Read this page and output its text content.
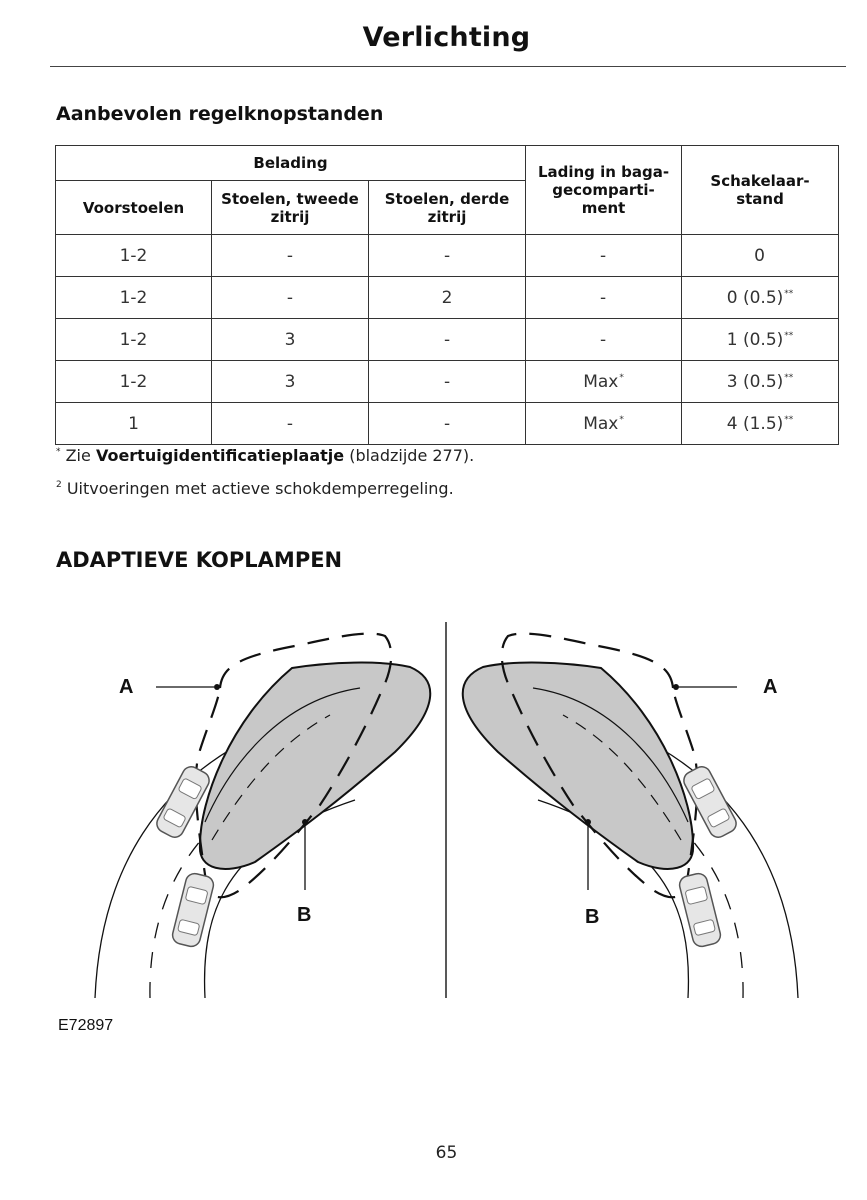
Verlichting
Aanbevolen regelknopstanden
Belading			Lading in baga-gecomparti-ment	Schakelaar-stand
Voorstoelen	Stoelen, tweede zitrij	Stoelen, derde zitrij		
1-2	-	-	-	0
1-2	-	2	-	0 (0.5)**
1-2	3	-	-	1 (0.5)**
1-2	3	-	Max*	3 (0.5)**
1	-	-	Max*	4 (1.5)**
* Zie Voertuigidentificatieplaatje (bladzijde 277).
$^2$ Uitvoeringen met actieve schokdemperregeling.
ADAPTIEVE KOPLAMPEN
A	A
B	B
E72897
65
